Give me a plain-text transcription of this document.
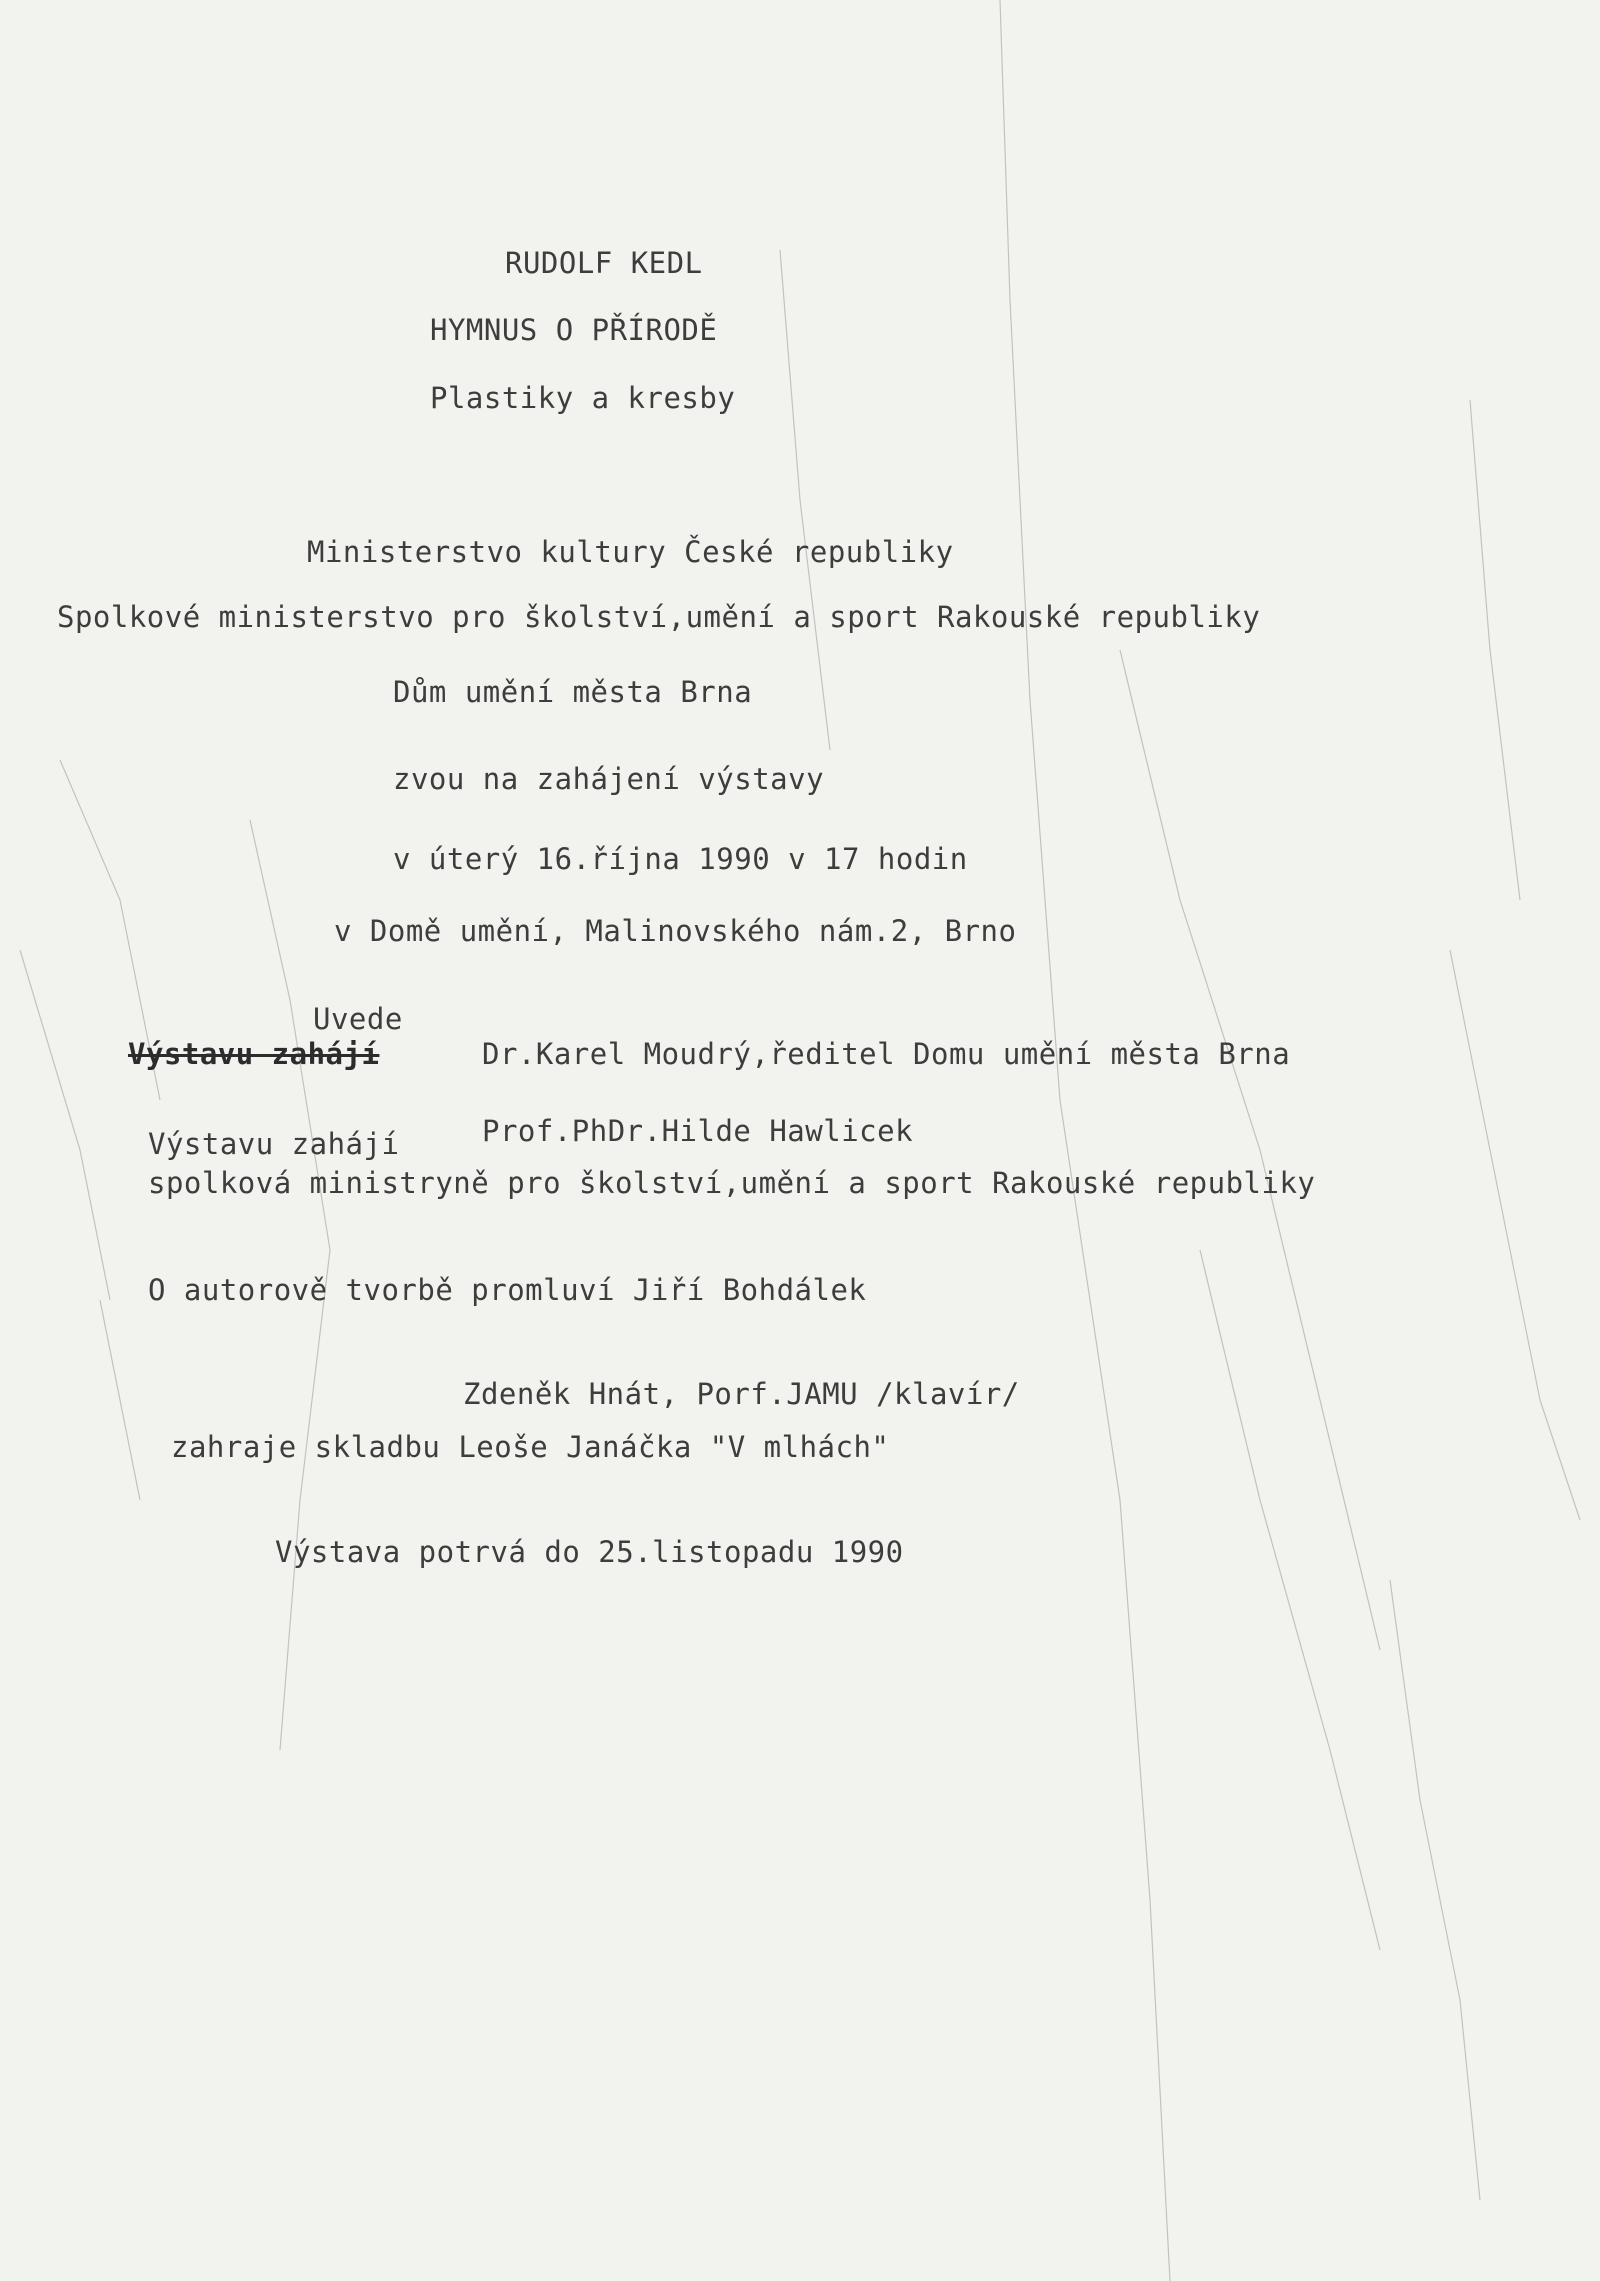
RUDOLF KEDL
HYMNUS O PŘÍRODĚ
Plastiky a kresby
Ministerstvo kultury České republiky
Spolkové ministerstvo pro školství,umění a sport Rakouské republiky
Dům umění města Brna
zvou na zahájení výstavy
v úterý 16.října 1990 v 17 hodin
v Domě umění, Malinovského nám.2, Brno
Uvede
Výstavu zahájí	Dr.Karel Moudrý,ředitel Domu umění města Brna
Výstavu zahájí	Prof.PhDr.Hilde Hawlicek
spolková ministryně pro školství,umění a sport Rakouské republiky
O autorově tvorbě promluví Jiří Bohdálek
Zdeněk Hnát, Porf.JAMU /klavír/
zahraje skladbu Leoše Janáčka "V mlhách"
Výstava potrvá do 25.listopadu 1990
